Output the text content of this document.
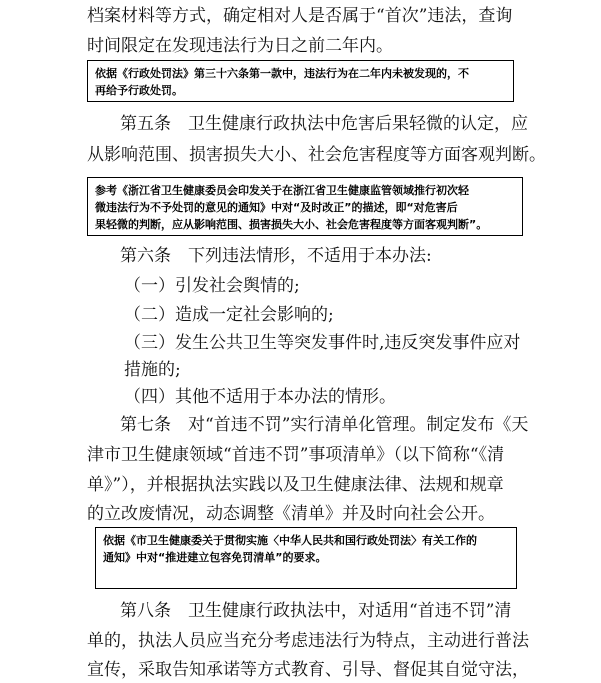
档案材料等方式，确定相对人是否属于“首次”违法，查询
时间限定在发现违法行为日之前二年内。

依据《行政处罚法》第三十六条第一款中，违法行为在二年内未被发现的，不

再给予行政处罚。

第五条　卫生健康行政执法中危害后果轻微的认定，应
从影响范围、损害损失大小、社会危害程度等方面客观判断。

参考《浙江省卫生健康委员会印发关于在浙江省卫生健康监管领域推行初次轻

微违法行为不予处罚的意见的通知》中对“及时改正”的描述，即“对危害后

果轻微的判断，应从影响范围、损害损失大小、社会危害程度等方面客观判断”。

第六条　下列违法情形，不适用于本办法:
（一）引发社会舆情的;
（二）造成一定社会影响的;
（三）发生公共卫生等突发事件时,违反突发事件应对
措施的;
（四）其他不适用于本办法的情形。
第七条　对“首违不罚”实行清单化管理。制定发布《天
津市卫生健康领域“首违不罚”事项清单》（以下简称“《清
单》”），并根据执法实践以及卫生健康法律、法规和规章
的立改废情况，动态调整《清单》并及时向社会公开。

依据《市卫生健康委关于贯彻实施〈中华人民共和国行政处罚法〉有关工作的

通知》中对“推进建立包容免罚清单”的要求。

第八条　卫生健康行政执法中，对适用“首违不罚”清
单的，执法人员应当充分考虑违法行为特点，主动进行普法
宣传，采取告知承诺等方式教育、引导、督促其自觉守法，
